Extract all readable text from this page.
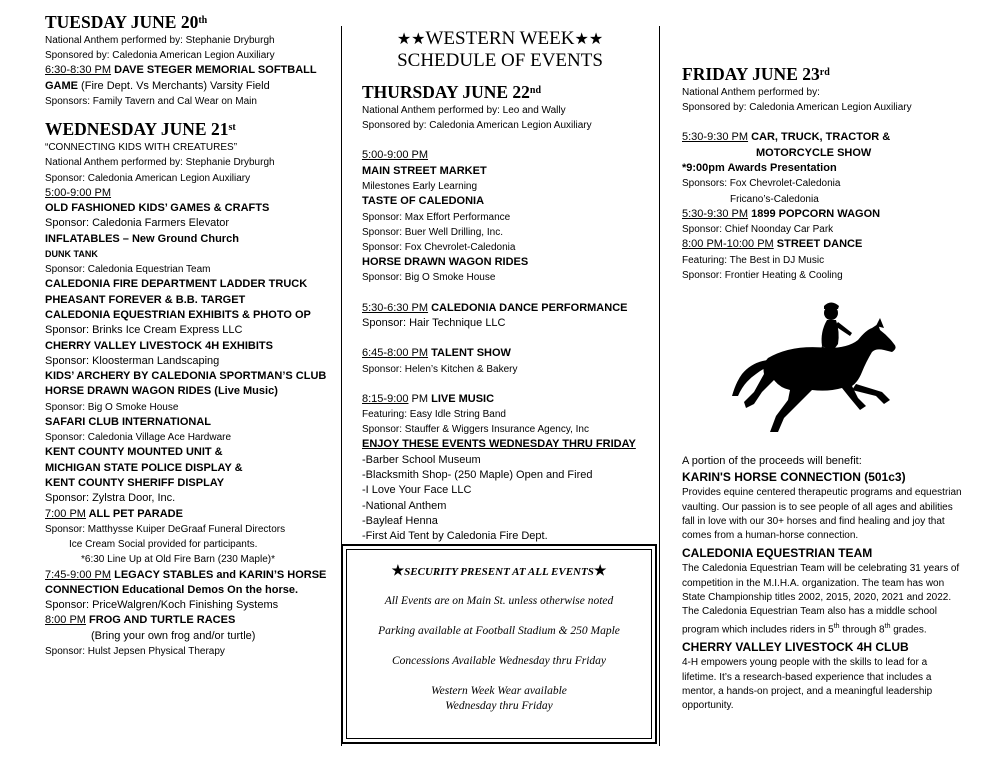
TUESDAY JUNE 20th

National Anthem performed by: Stephanie Dryburgh

Sponsored by: Caledonia American Legion Auxiliary

6:30-8:30 PM DAVE STEGER MEMORIAL SOFTBALL

GAME (Fire Dept. Vs Merchants) Varsity Field

Sponsors: Family Tavern and Cal Wear on Main

WEDNESDAY JUNE 21st

“CONNECTING KIDS WITH CREATURES”

National Anthem performed by: Stephanie Dryburgh

Sponsor: Caledonia American Legion Auxiliary

5:00-9:00 PM

OLD FASHIONED KIDS’ GAMES & CRAFTS

Sponsor: Caledonia Farmers Elevator

INFLATABLES – New Ground Church

DUNK TANK

Sponsor: Caledonia Equestrian Team

CALEDONIA FIRE DEPARTMENT LADDER TRUCK

PHEASANT FOREVER & B.B. TARGET

CALEDONIA EQUESTRIAN EXHIBITS & PHOTO OP

Sponsor: Brinks Ice Cream Express LLC

CHERRY VALLEY LIVESTOCK 4H EXHIBITS

Sponsor: Kloosterman Landscaping

KIDS’ ARCHERY BY CALEDONIA SPORTMAN’S CLUB

HORSE DRAWN WAGON RIDES (Live Music)

Sponsor: Big O Smoke House

SAFARI CLUB INTERNATIONAL

Sponsor: Caledonia Village Ace Hardware

KENT COUNTY MOUNTED UNIT &

MICHIGAN STATE POLICE DISPLAY &

KENT COUNTY SHERIFF DISPLAY

Sponsor: Zylstra Door, Inc.

7:00 PM ALL PET PARADE

Sponsor: Matthysse Kuiper DeGraaf Funeral Directors

Ice Cream Social provided for participants.

*6:30 Line Up at Old Fire Barn (230 Maple)*

7:45-9:00 PM LEGACY STABLES and KARIN’S HORSE

CONNECTION Educational Demos On the horse.

Sponsor: PriceWalgren/Koch Finishing Systems

8:00 PM FROG AND TURTLE RACES

(Bring your own frog and/or turtle)

Sponsor: Hulst Jepsen Physical Therapy

★★WESTERN WEEK★★

SCHEDULE OF EVENTS

THURSDAY JUNE 22nd

National Anthem performed by: Leo and Wally

Sponsored by: Caledonia American Legion Auxiliary

5:00-9:00 PM

MAIN STREET MARKET

Milestones Early Learning

TASTE OF CALEDONIA

Sponsor: Max Effort Performance

Sponsor: Buer Well Drilling, Inc.

Sponsor: Fox Chevrolet-Caledonia

HORSE DRAWN WAGON RIDES

Sponsor: Big O Smoke House

5:30-6:30 PM CALEDONIA DANCE PERFORMANCE

Sponsor: Hair Technique LLC

6:45-8:00 PM TALENT SHOW

Sponsor: Helen’s Kitchen & Bakery

8:15-9:00 PM LIVE MUSIC

Featuring: Easy Idle String Band

Sponsor: Stauffer & Wiggers Insurance Agency, Inc

ENJOY THESE EVENTS WEDNESDAY THRU FRIDAY

-Barber School Museum

-Blacksmith Shop- (250 Maple) Open and Fired

-I Love Your Face LLC

-National Anthem

-Bayleaf Henna

-First Aid Tent by Caledonia Fire Dept.

★SECURITY PRESENT AT ALL EVENTS★

All Events are on Main St. unless otherwise noted

Parking available at Football Stadium & 250 Maple

Concessions Available Wednesday thru Friday

Western Week Wear available

Wednesday thru Friday

FRIDAY JUNE 23rd

National Anthem performed by:

Sponsored by: Caledonia American Legion Auxiliary

5:30-9:30 PM CAR, TRUCK, TRACTOR &

MOTORCYCLE SHOW

*9:00pm Awards Presentation

Sponsors: Fox Chevrolet-Caledonia

Fricano’s-Caledonia

5:30-9:30 PM 1899 POPCORN WAGON

Sponsor: Chief Noonday Car Park

8:00 PM-10:00 PM STREET DANCE

Featuring: The Best in DJ Music

Sponsor: Frontier Heating & Cooling

A portion of the proceeds will benefit:

KARIN'S HORSE CONNECTION (501c3)

Provides equine centered therapeutic programs and equestrian vaulting. Our passion is to see people of all ages and abilities fall in love with our 30+ horses and find healing and joy that comes from a human-horse connection.

CALEDONIA EQUESTRIAN TEAM

The Caledonia Equestrian Team will be celebrating 31 years of competition in the M.I.H.A. organization. The team has won State Championship titles 2002, 2015, 2020, 2021 and 2022. The Caledonia Equestrian Team also has a middle school program which includes riders in 5th through 8th grades.

CHERRY VALLEY LIVESTOCK 4H CLUB

4-H empowers young people with the skills to lead for a lifetime. It’s a research-based experience that includes a mentor, a hands-on project, and a meaningful leadership opportunity.
